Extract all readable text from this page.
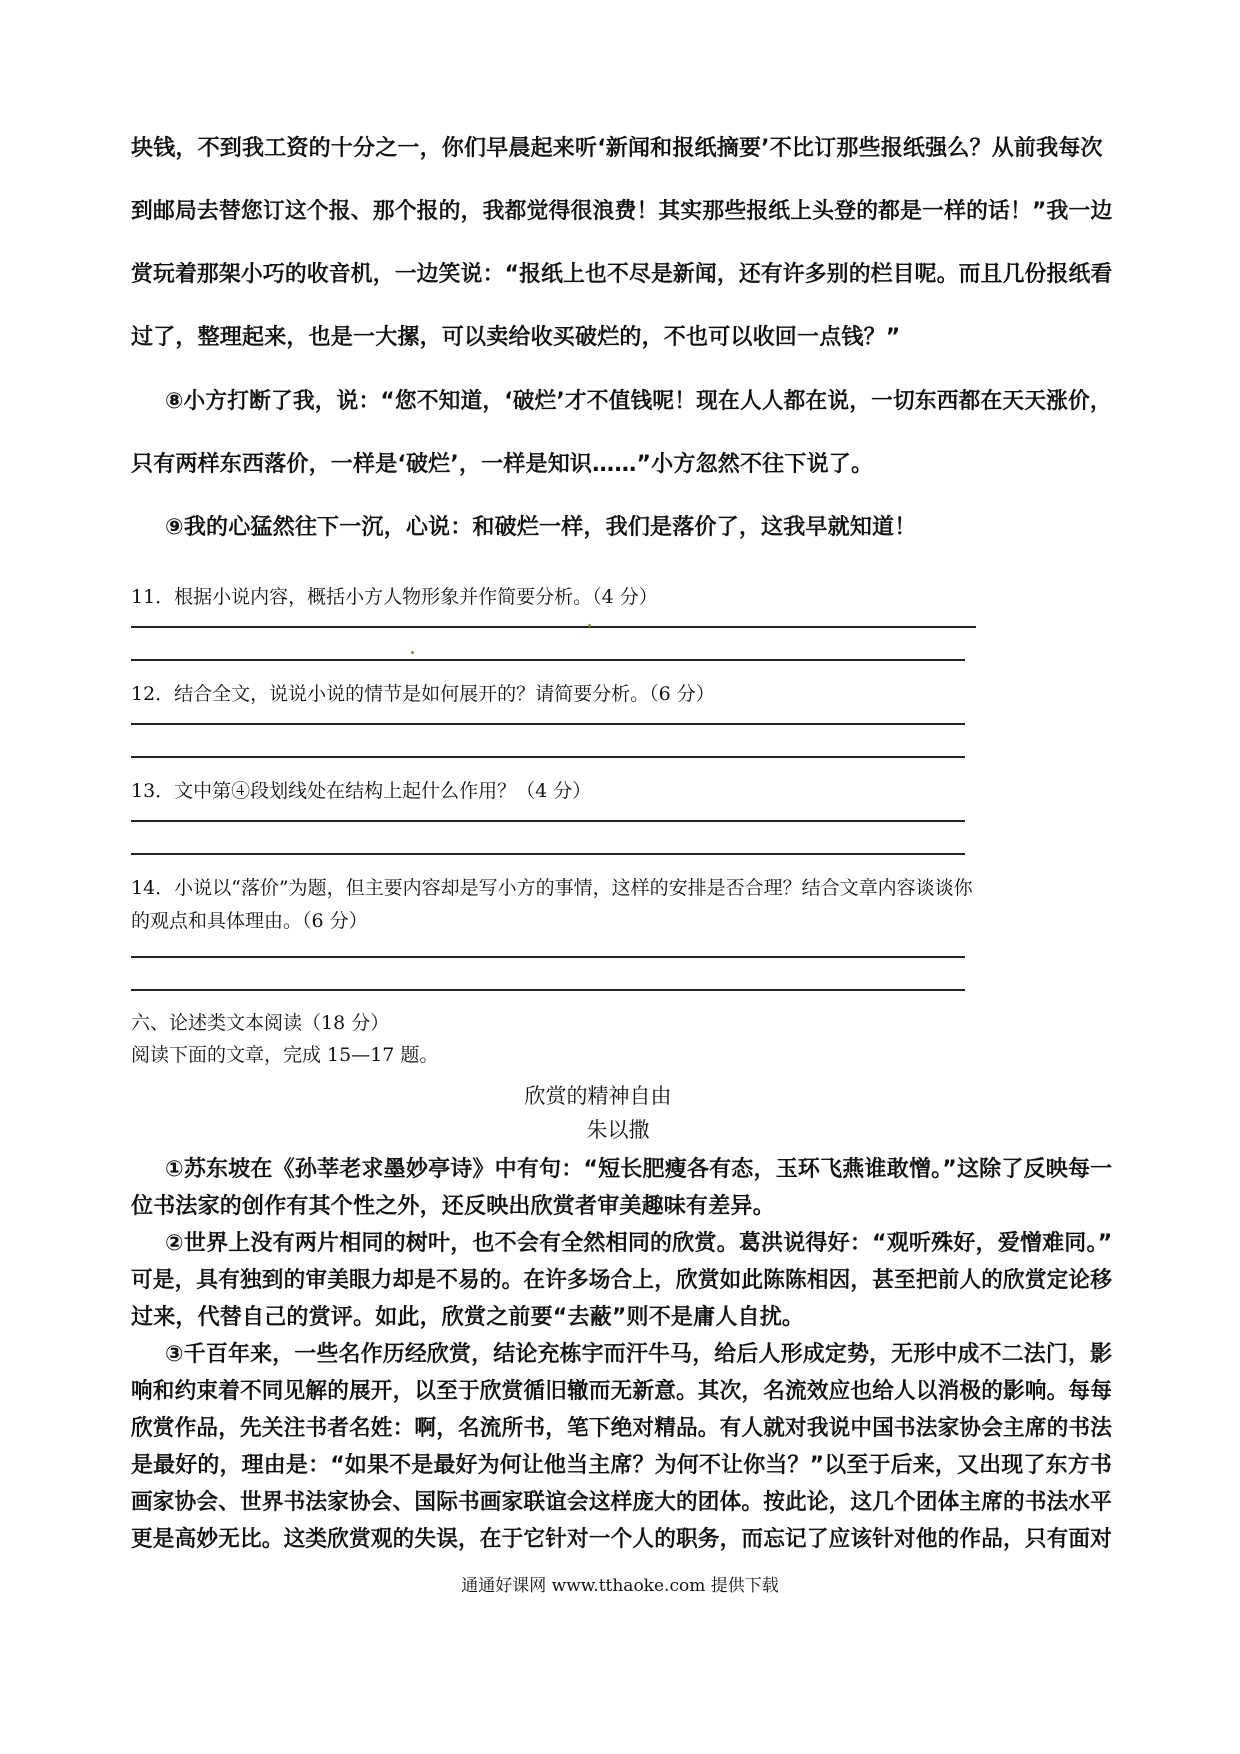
块钱，不到我工资的十分之一，你们早晨起来听‘新闻和报纸摘要’不比订那些报纸强么？从前我每次
到邮局去替您订这个报、那个报的，我都觉得很浪费！其实那些报纸上头登的都是一样的话！”我一边
赏玩着那架小巧的收音机，一边笑说：“报纸上也不尽是新闻，还有许多别的栏目呢。而且几份报纸看
过了，整理起来，也是一大摞，可以卖给收买破烂的，不也可以收回一点钱？”
⑧小方打断了我，说：“您不知道，‘破烂’才不值钱呢！现在人人都在说，一切东西都在天天涨价，
只有两样东西落价，一样是‘破烂’，一样是知识……”小方忽然不往下说了。
⑨我的心猛然往下一沉，心说：和破烂一样，我们是落价了，这我早就知道！
11．根据小说内容，概括小方人物形象并作简要分析。（4 分）
12．结合全文，说说小说的情节是如何展开的？请简要分析。（6 分）
13．文中第④段划线处在结构上起什么作用？（4 分）
14．小说以“落价”为题，但主要内容却是写小方的事情，这样的安排是否合理？结合文章内容谈谈你
的观点和具体理由。（6 分）
六、论述类文本阅读（18 分）
阅读下面的文章，完成 15—17 题。
欣赏的精神自由
朱以撒
①苏东坡在《孙莘老求墨妙亭诗》中有句：“短长肥瘦各有态，玉环飞燕谁敢憎。”这除了反映每一
位书法家的创作有其个性之外，还反映出欣赏者审美趣味有差异。
②世界上没有两片相同的树叶，也不会有全然相同的欣赏。葛洪说得好：“观听殊好，爱憎难同。”
可是，具有独到的审美眼力却是不易的。在许多场合上，欣赏如此陈陈相因，甚至把前人的欣赏定论移
过来，代替自己的赏评。如此，欣赏之前要“去蔽”则不是庸人自扰。
③千百年来，一些名作历经欣赏，结论充栋宇而汗牛马，给后人形成定势，无形中成不二法门，影
响和约束着不同见解的展开，以至于欣赏循旧辙而无新意。其次，名流效应也给人以消极的影响。每每
欣赏作品，先关注书者名姓：啊，名流所书，笔下绝对精品。有人就对我说中国书法家协会主席的书法
是最好的，理由是：“如果不是最好为何让他当主席？为何不让你当？”以至于后来，又出现了东方书
画家协会、世界书法家协会、国际书画家联谊会这样庞大的团体。按此论，这几个团体主席的书法水平
更是高妙无比。这类欣赏观的失误，在于它针对一个人的职务，而忘记了应该针对他的作品，只有面对
通通好课网 www.tthaoke.com 提供下载
